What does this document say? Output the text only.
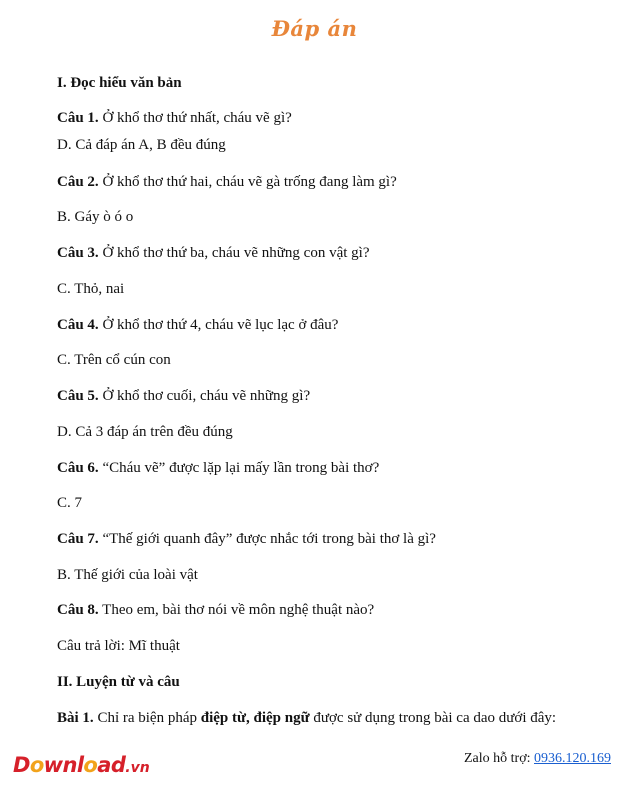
Đáp án
I. Đọc hiểu văn bản
Câu 1. Ở khổ thơ thứ nhất, cháu vẽ gì?
D. Cả đáp án A, B đều đúng
Câu 2. Ở khổ thơ thứ hai, cháu vẽ gà trống đang làm gì?
B. Gáy ò ó o
Câu 3. Ở khổ thơ thứ ba, cháu vẽ những con vật gì?
C. Thỏ, nai
Câu 4. Ở khổ thơ thứ 4, cháu vẽ lục lạc ở đâu?
C. Trên cổ cún con
Câu 5. Ở khổ thơ cuối, cháu vẽ những gì?
D. Cả 3 đáp án trên đều đúng
Câu 6. “Cháu vẽ” được lặp lại mấy lần trong bài thơ?
C. 7
Câu 7. “Thế giới quanh đây” được nhắc tới trong bài thơ là gì?
B. Thế giới của loài vật
Câu 8. Theo em, bài thơ nói về môn nghệ thuật nào?
Câu trả lời: Mĩ thuật
II. Luyện từ và câu
Bài 1. Chỉ ra biện pháp điệp từ, điệp ngữ được sử dụng trong bài ca dao dưới đây:
Download.vn
Zalo hỗ trợ: 0936.120.169
